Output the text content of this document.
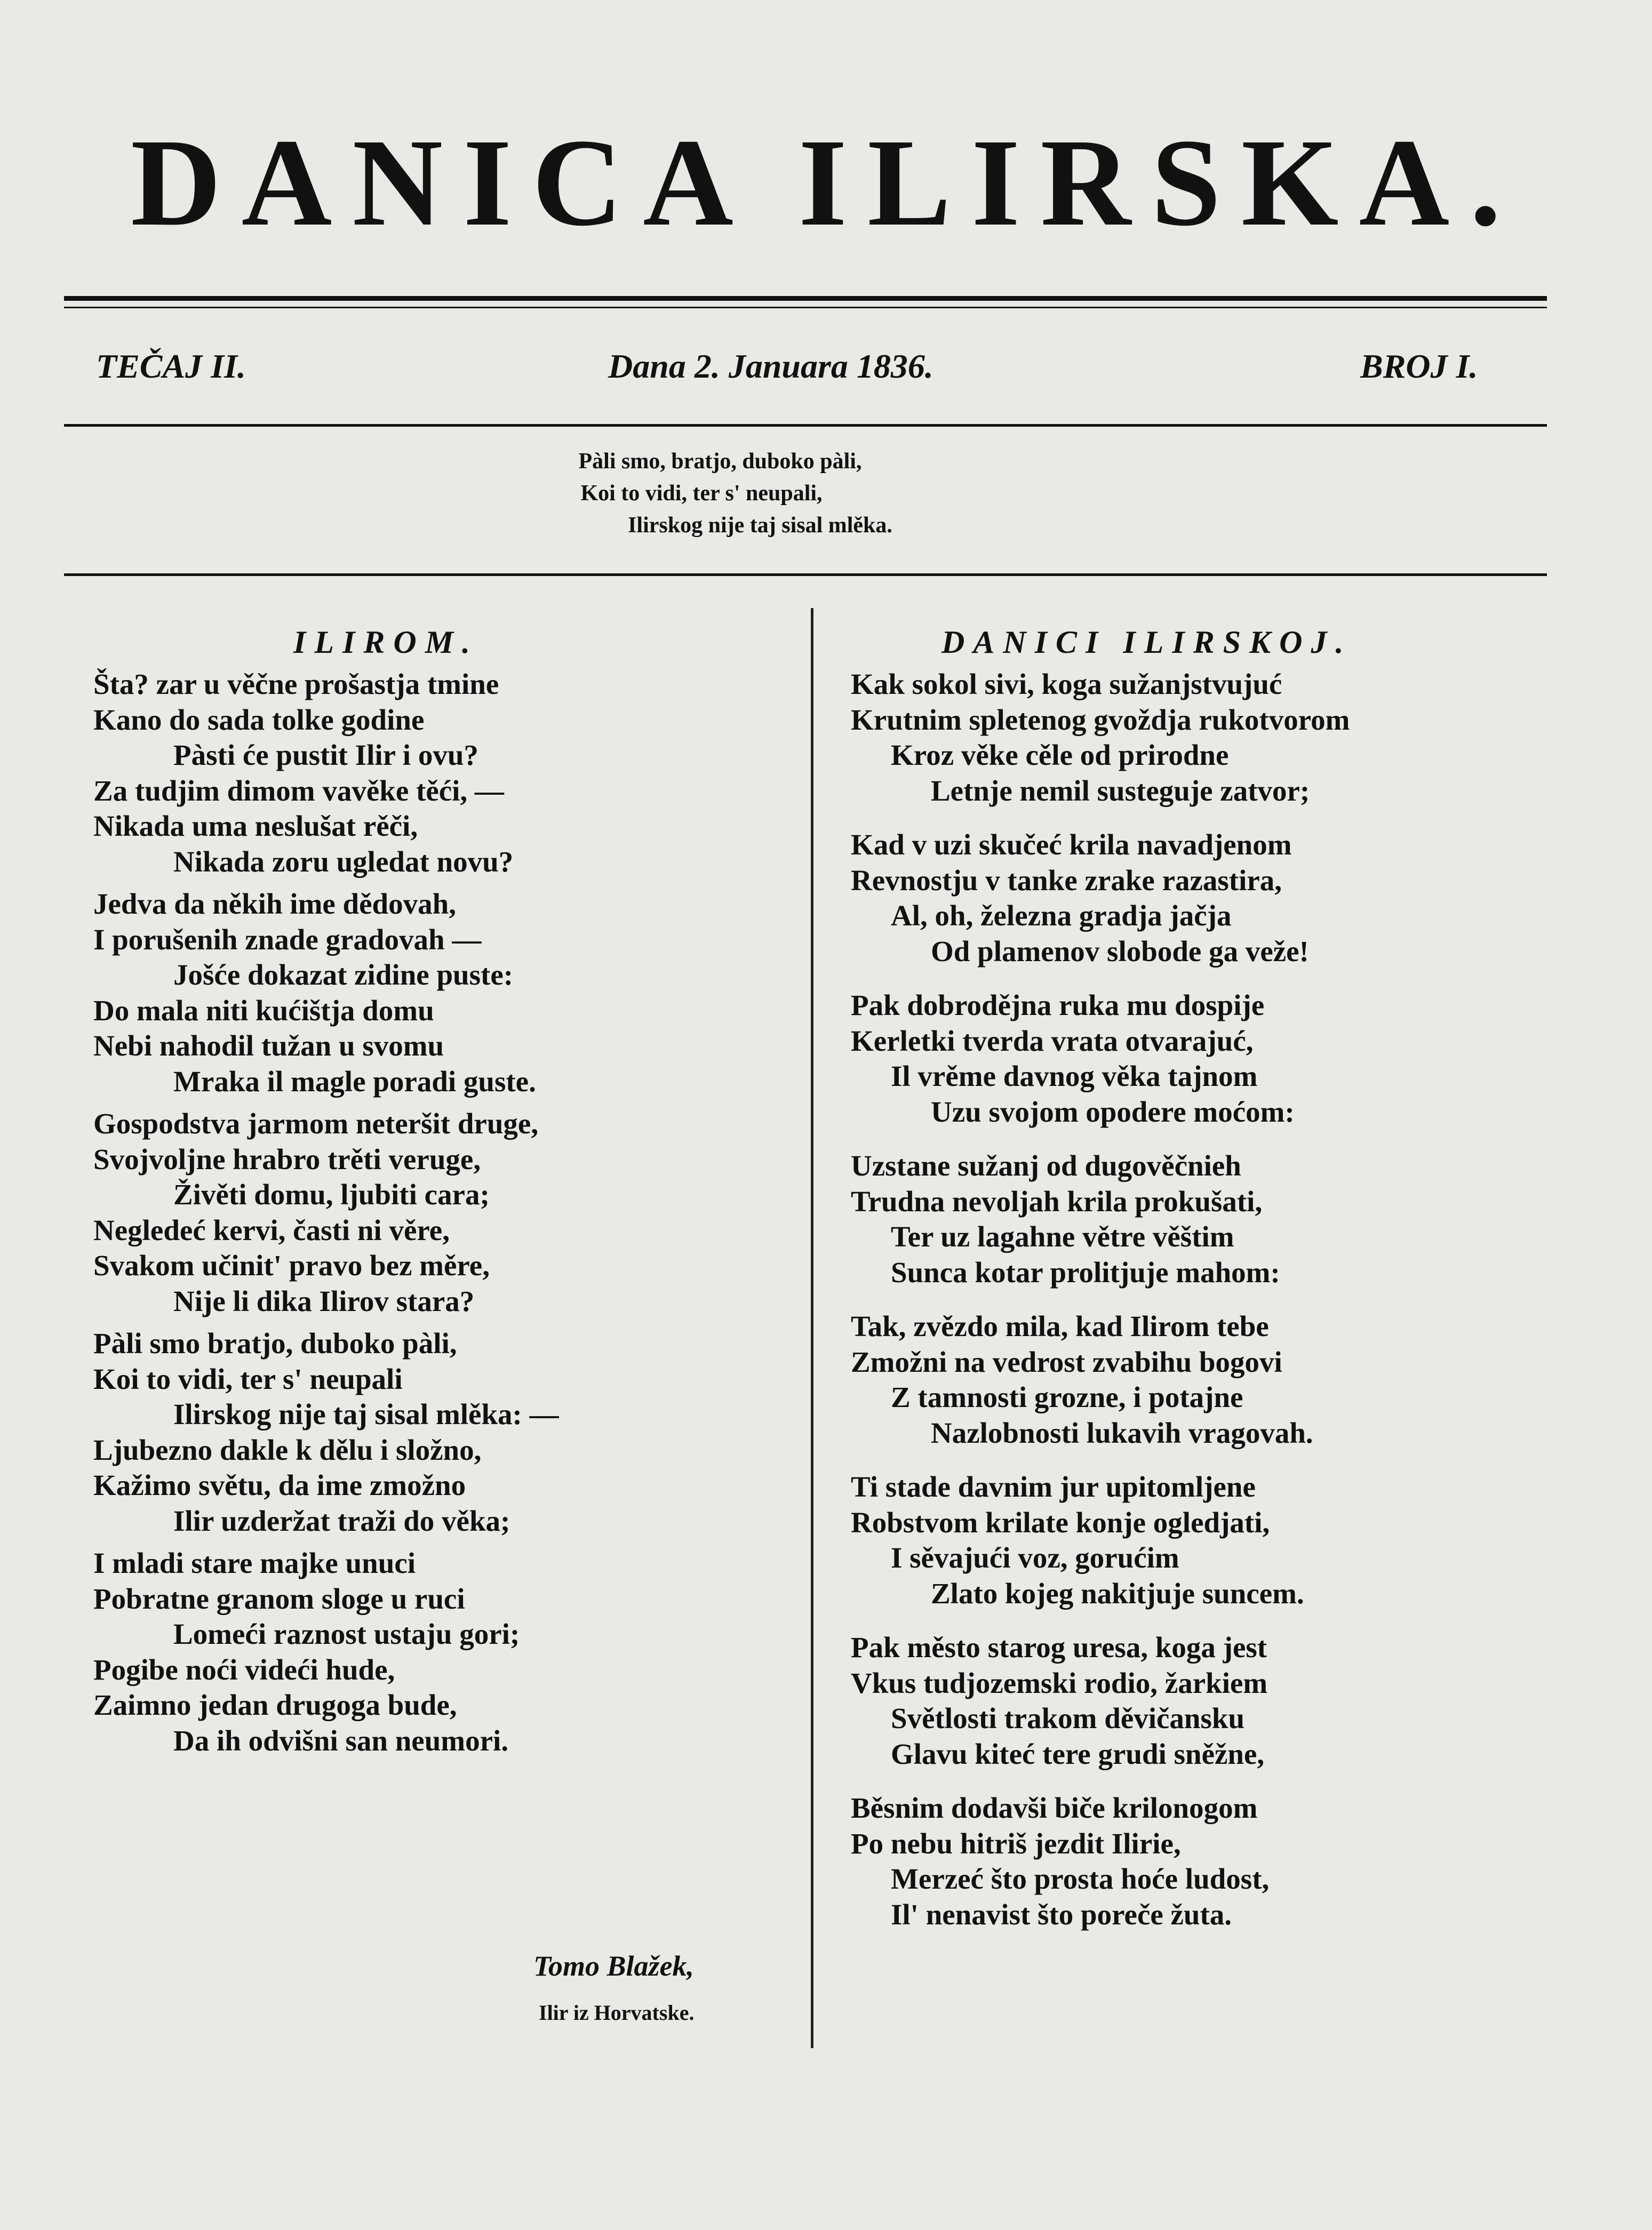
DANICA ILIRSKA.
TEČAJ II.	Dana 2. Januara 1836.	BROJ I.
Pàli smo, bratjo, duboko pàli,
Koi to vidi, ter s' neupali,
Ilirskog nije taj sisal mlěka.
ILIROM.
Šta? zar u věčne prošastja tmine
Kano do sada tolke godine
Pàsti će pustit Ilir i ovu?
Za tudjim dimom vavěke těći, —
Nikada uma neslušat rěči,
Nikada zoru ugledat novu?
Jedva da někih ime dědovah,
I porušenih znade gradovah —
Jošće dokazat zidine puste:
Do mala niti kućištja domu
Nebi nahodil tužan u svomu
Mraka il magle poradi guste.
Gospodstva jarmom neteršit druge,
Svojvoljne hrabro trěti veruge,
Živěti domu, ljubiti cara;
Negledeć kervi, časti ni věre,
Svakom učinit' pravo bez měre,
Nije li dika Ilirov stara?
Pàli smo bratjo, duboko pàli,
Koi to vidi, ter s' neupali
Ilirskog nije taj sisal mlěka: —
Ljubezno dakle k dělu i složno,
Kažimo světu, da ime zmožno
Ilir uzderžat traži do věka;
I mladi stare majke unuci
Pobratne granom sloge u ruci
Lomeći raznost ustaju gori;
Pogibe noći videći hude,
Zaimno jedan drugoga bude,
Da ih odvišni san neumori.
Tomo Blažek,
Ilir iz Horvatske.
DANICI ILIRSKOJ.
Kak sokol sivi, koga sužanjstvujuć
Krutnim spletenog gvoždja rukotvorom
Kroz věke cěle od prirodne
Letnje nemil susteguje zatvor;
Kad v uzi skučeć krila navadjenom
Revnostju v tanke zrake razastira,
Al, oh, železna gradja jačja
Od plamenov slobode ga veže!
Pak dobrodějna ruka mu dospije
Kerletki tverda vrata otvarajuć,
Il vrěme davnog věka tajnom
Uzu svojom opodere moćom:
Uzstane sužanj od dugověčnieh
Trudna nevoljah krila prokušati,
Ter uz lagahne větre věštim
Sunca kotar prolitjuje mahom:
Tak, zvězdo mila, kad Ilirom tebe
Zmožni na vedrost zvabihu bogovi
Z tamnosti grozne, i potajne
Nazlobnosti lukavih vragovah.
Ti stade davnim jur upitomljene
Robstvom krilate konje ogledjati,
I sěvajući voz, gorućim
Zlato kojeg nakitjuje suncem.
Pak město starog uresa, koga jest
Vkus tudjozemski rodio, žarkiem
Světlosti trakom děvičansku
Glavu kiteć tere grudi sněžne,
Běsnim dodavši biče krilonogom
Po nebu hitriš jezdit Ilirie,
Merzeć što prosta hoće ludost,
Il' nenavist što poreče žuta.
